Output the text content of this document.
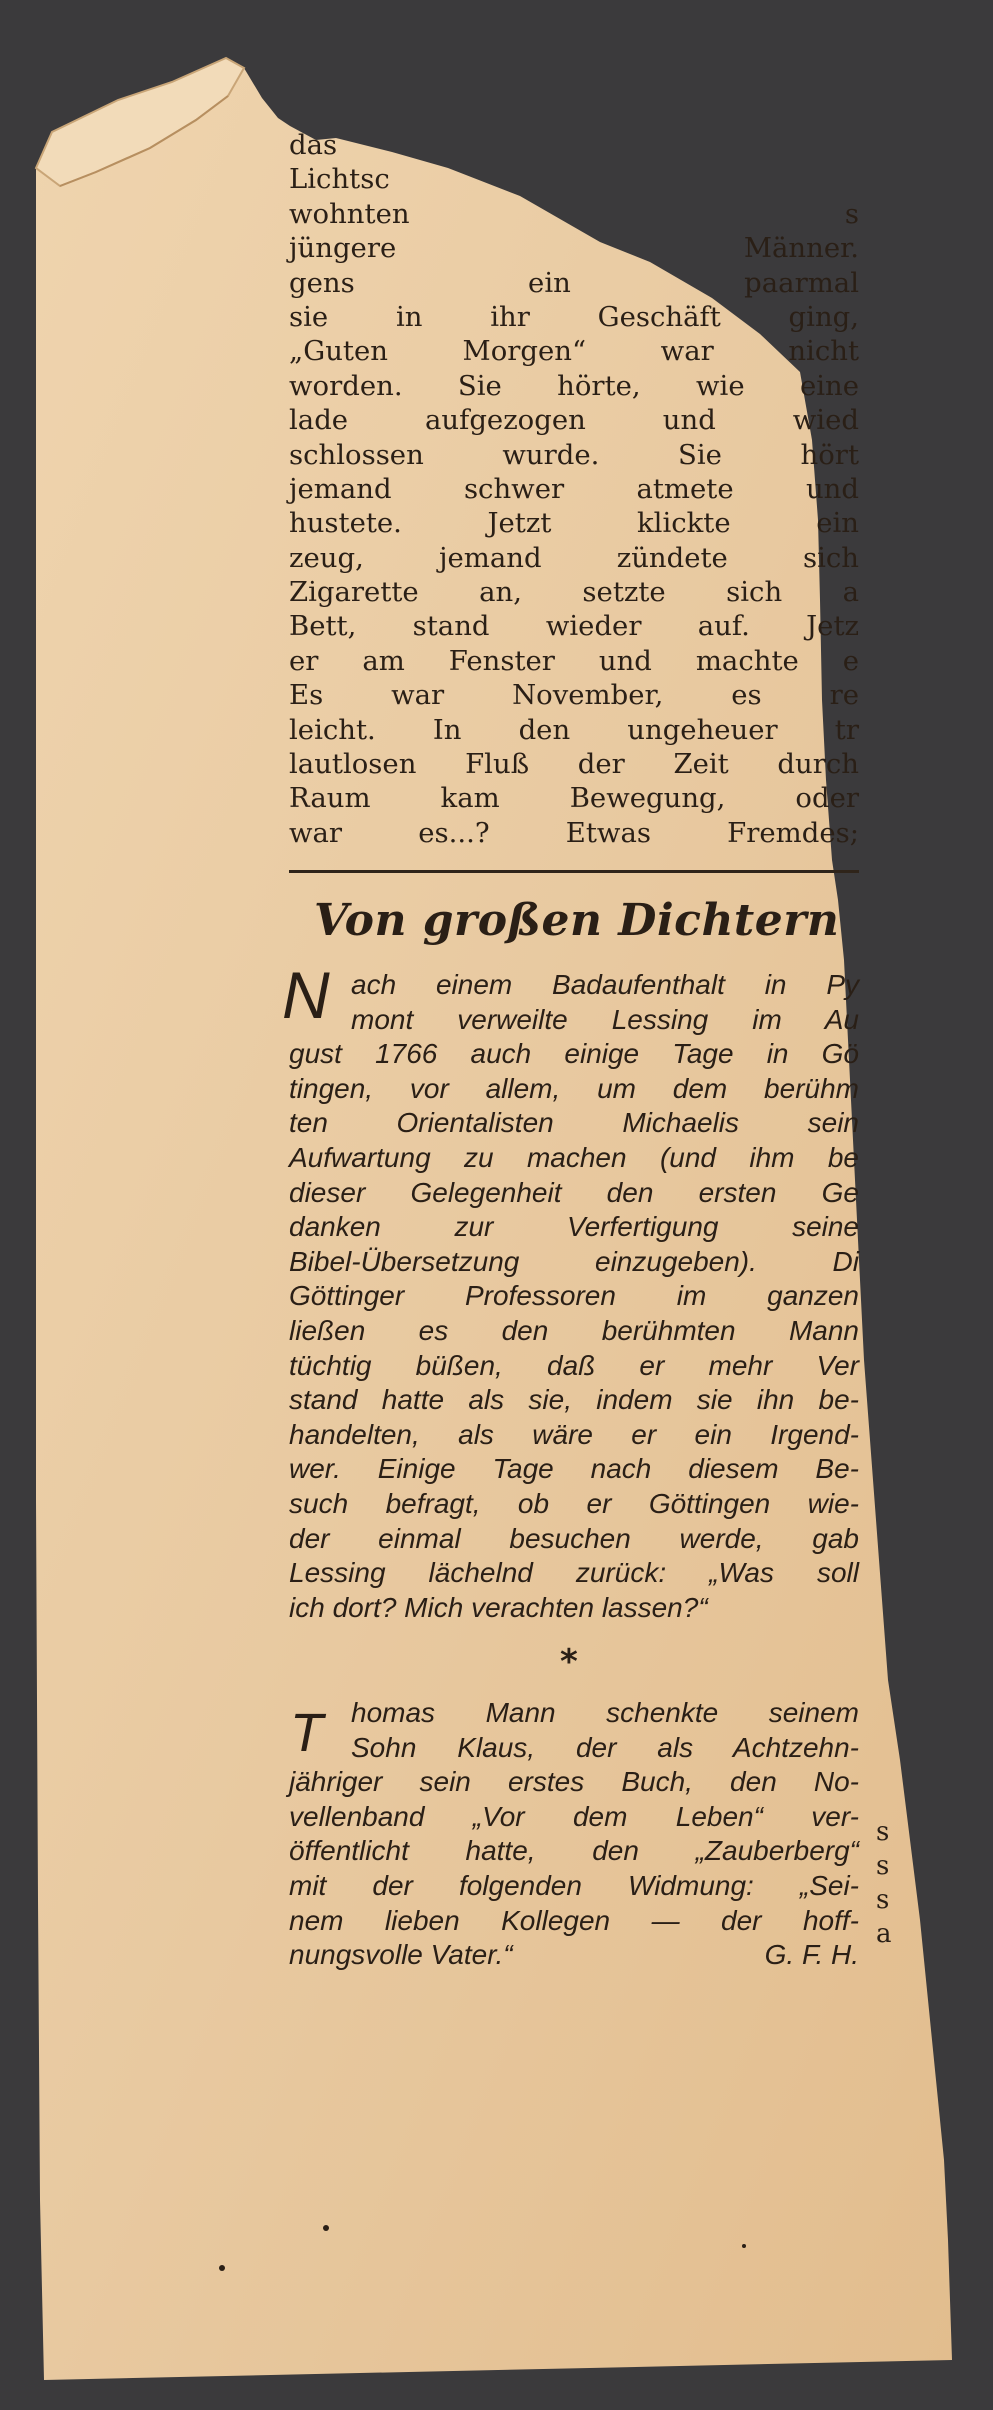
das
Lichtsc
wohnten s
jüngere Männer.
gens ein paarmal
sie in ihr Geschäft ging,
„Guten Morgen“ war nicht
worden. Sie hörte, wie eine
lade aufgezogen und wied
schlossen wurde. Sie hört
jemand schwer atmete und
hustete. Jetzt klickte ein
zeug, jemand zündete sich
Zigarette an, setzte sich a
Bett, stand wieder auf. Jetz
er am Fenster und machte e
Es war November, es re
leicht. In den ungeheuer tr
lautlosen Fluß der Zeit durch
Raum kam Bewegung, oder
war es...? Etwas Fremdes;
Von großen Dichtern
N ach einem Badaufenthalt in Py
mont verweilte Lessing im Au
gust 1766 auch einige Tage in Gö
tingen, vor allem, um dem berühm
ten Orientalisten Michaelis sein
Aufwartung zu machen (und ihm be
dieser Gelegenheit den ersten Ge
danken zur Verfertigung seine
Bibel-Übersetzung einzugeben). Di
Göttinger Professoren im ganzen
ließen es den berühmten Mann
tüchtig büßen, daß er mehr Ver
stand hatte als sie, indem sie ihn be-
handelten, als wäre er ein Irgend-
wer. Einige Tage nach diesem Be-
such befragt, ob er Göttingen wie-
der einmal besuchen werde, gab
Lessing lächelnd zurück: „Was soll
ich dort? Mich verachten lassen?“
*
T	homas Mann schenkte seinem
Sohn Klaus, der als Achtzehn-
jähriger sein erstes Buch, den No-
vellenband „Vor dem Leben“ ver-
öffentlicht hatte, den „Zauberberg“
mit der folgenden Widmung: „Sei-
nem lieben Kollegen — der hoff-
nungsvolle Vater.“	G. F. H.
s
s
s
a
